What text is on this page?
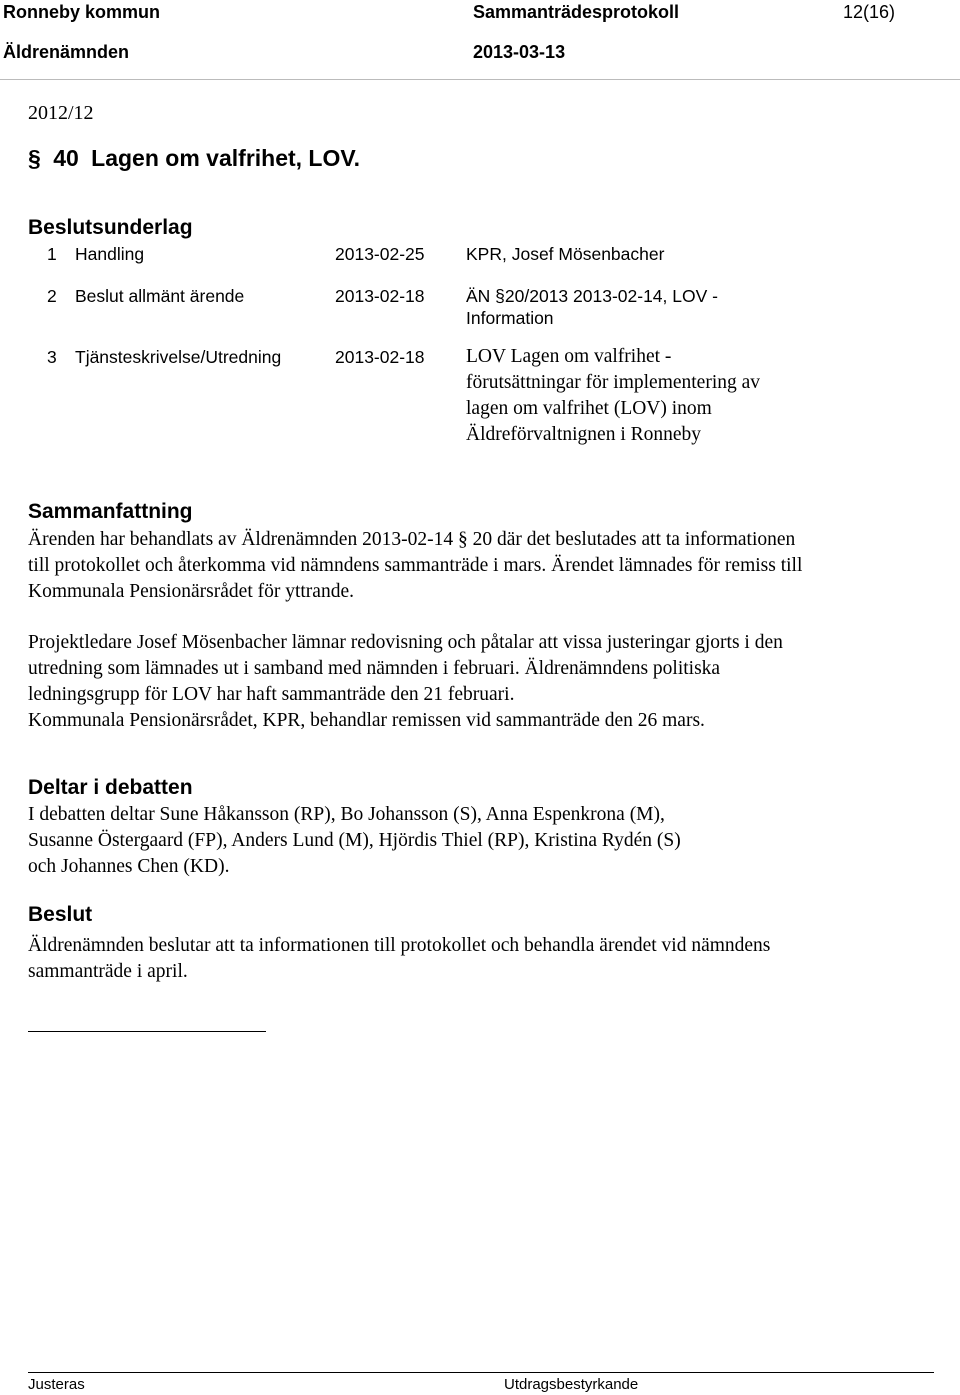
Ronneby kommun	Sammanträdesprotokoll	12(16)
Äldrenämnden	2013-03-13
2012/12
§ 40 Lagen om valfrihet, LOV.
Beslutsunderlag
1 Handling	2013-02-25 KPR, Josef Mösenbacher
2 Beslut allmänt ärende	2013-02-18 ÄN §20/2013 2013-02-14, LOV -
Information
3 Tjänsteskrivelse/Utredning	2013-02-18 LOV Lagen om valfrihet -
förutsättningar för implementering av
lagen om valfrihet (LOV) inom
Äldreförvaltnignen i Ronneby
Sammanfattning
Ärenden har behandlats av Äldrenämnden 2013-02-14 § 20 där det beslutades att ta informationen
till protokollet och återkomma vid nämndens sammanträde i mars. Ärendet lämnades för remiss till
Kommunala Pensionärsrådet för yttrande.
Projektledare Josef Mösenbacher lämnar redovisning och påtalar att vissa justeringar gjorts i den
utredning som lämnades ut i samband med nämnden i februari. Äldrenämndens politiska
ledningsgrupp för LOV har haft sammanträde den 21 februari.
Kommunala Pensionärsrådet, KPR, behandlar remissen vid sammanträde den 26 mars.
Deltar i debatten
I debatten deltar Sune Håkansson (RP), Bo Johansson (S), Anna Espenkrona (M),
Susanne Östergaard (FP), Anders Lund (M), Hjördis Thiel (RP), Kristina Rydén (S)
och Johannes Chen (KD).
Beslut
Äldrenämnden beslutar att ta informationen till protokollet och behandla ärendet vid nämndens
sammanträde i april.
Justeras	Utdragsbestyrkande
